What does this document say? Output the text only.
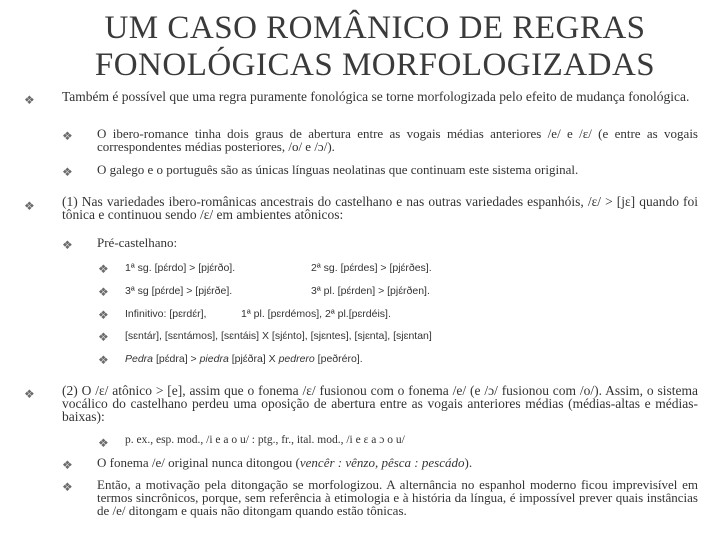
UM CASO ROMÂNICO DE REGRAS
FONOLÓGICAS MORFOLOGIZADAS
❖ Também é possível que uma regra puramente fonológica se torne morfologizada pelo efeito de mudança fonológica.
❖ O ibero-romance tinha dois graus de abertura entre as vogais médias anteriores /e/ e /ɛ/ (e entre as vogais correspondentes médias posteriores, /o/ e /ɔ/).
❖ O galego e o português são as únicas línguas neolatinas que continuam este sistema original.
❖ (1) Nas variedades ibero-românicas ancestrais do castelhano e nas outras variedades espanhóis, /ɛ/ > [jɛ] quando foi tônica e continuou sendo /ɛ/ em ambientes atônicos:
❖ Pré-castelhano:
❖ 1ª sg. [pɛ́rdo] > [pjɛ́rðo].	2ª sg. [pɛ́rdes] > [pjɛ́rðes].
❖ 3ª sg [pɛ́rde] > [pjɛ́rðe].	3ª pl. [pɛ́rden] > [pjɛ́rðen].
❖ Infinitivo: [pɛrdɛ́r],	1ª pl. [pɛrdémos], 2ª pl.[pɛrdéis].
❖ [sɛntár], [sɛntámos], [sɛntáis] X [sjɛ́nto], [sjɛntes], [sjɛnta], [sjɛntan]
❖ Pedra [pɛ́dra] > piedra [pjɛ́ðra] X pedrero [peðréro].
❖ (2) O /ɛ/ atônico > [e], assim que o fonema /ɛ/ fusionou com o fonema /e/ (e /ɔ/ fusionou com /o/). Assim, o sistema vocálico do castelhano perdeu uma oposição de abertura entre as vogais anteriores médias (médias-altas e médias-baixas):
❖ p. ex., esp. mod., /i e a o u/ : ptg., fr., ital. mod., /i e ɛ a ɔ o u/
❖ O fonema /e/ original nunca ditongou (vencêr : vênzo, pêsca : pescádo).
❖ Então, a motivação pela ditongação se morfologizou. A alternância no espanhol moderno ficou imprevisível em termos sincrônicos, porque, sem referência à etimologia e à história da língua, é impossível prever quais instâncias de /e/ ditongam e quais não ditongam quando estão tônicas.
